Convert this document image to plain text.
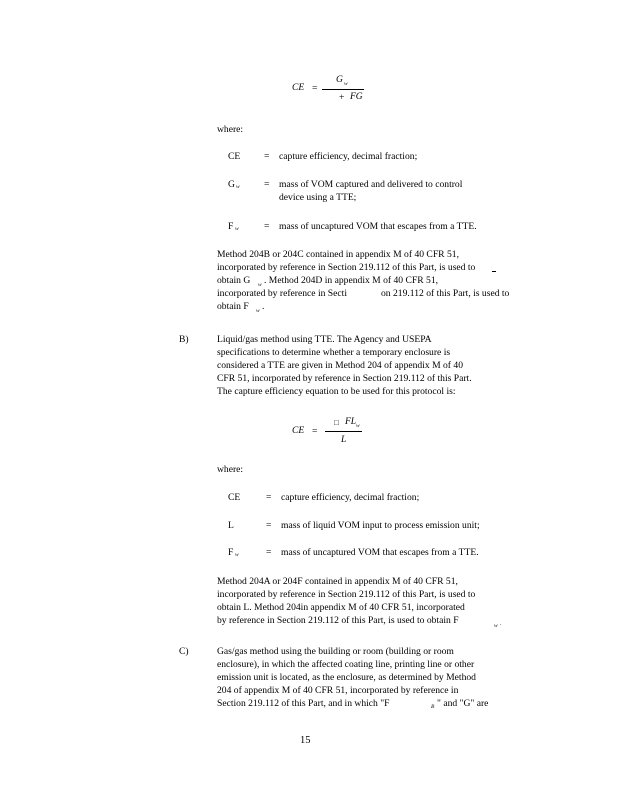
CE =
G w
+ FG
where:
CE = capture efficiency, decimal fraction;
G w	= mass of VOM captured and delivered to control
device using a TTE;
F w	= mass of uncaptured VOM that escapes from a TTE.
Method 204B or 204C contained in appendix M of 40 CFR 51,
incorporated by reference in Section 219.112 of this Part, is used to
obtain G w . Method 204D in appendix M of 40 CFR 51,
incorporated by reference in Secti	on 219.112 of this Part, is used to
obtain F w .
B)	Liquid/gas method using TTE. The Agency and USEPA
specifications to determine whether a temporary enclosure is
considered a TTE are given in Method 204 of appendix M of 40
CFR 51, incorporated by reference in Section 219.112 of this Part.
The capture efficiency equation to be used for this protocol is:
CE =
□ FL w
L
where:
CE	= capture efficiency, decimal fraction;
L	= mass of liquid VOM input to process emission unit;
F w	= mass of uncaptured VOM that escapes from a TTE.
Method 204A or 204F contained in appendix M of 40 CFR 51,
incorporated by reference in Section 219.112 of this Part, is used to
obtain L. Method 204in appendix M of 40 CFR 51, incorporated
by reference in Section 219.112 of this Part, is used to obtain F	w .
C)	Gas/gas method using the building or room (building or room
enclosure), in which the affected coating line, printing line or other
emission unit is located, as the enclosure, as determined by Method
204 of appendix M of 40 CFR 51, incorporated by reference in
Section 219.112 of this Part, and in which "F	B " and "G" are
15
